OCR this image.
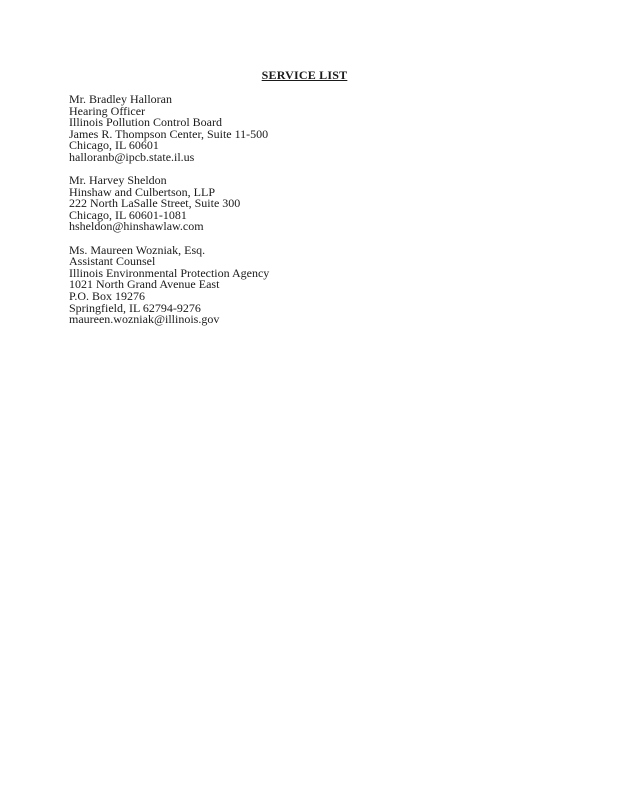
SERVICE LIST
Mr. Bradley Halloran
Hearing Officer
Illinois Pollution Control Board
James R. Thompson Center, Suite 11-500
Chicago, IL 60601
halloranb@ipcb.state.il.us
Mr. Harvey Sheldon
Hinshaw and Culbertson, LLP
222 North LaSalle Street, Suite 300
Chicago, IL 60601-1081
hsheldon@hinshawlaw.com
Ms. Maureen Wozniak, Esq.
Assistant Counsel
Illinois Environmental Protection Agency
1021 North Grand Avenue East
P.O. Box 19276
Springfield, IL 62794-9276
maureen.wozniak@illinois.gov
